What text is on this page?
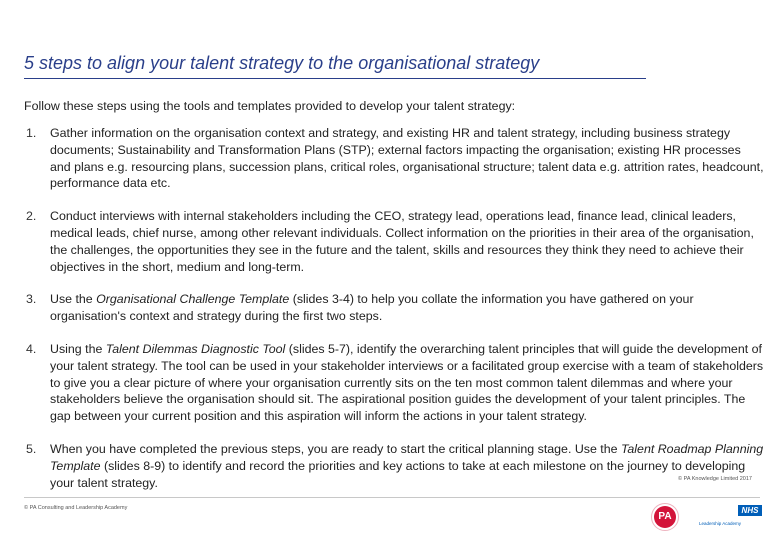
5 steps to align your talent strategy to the organisational strategy
Follow these steps using the tools and templates provided to develop your talent strategy:
1. Gather information on the organisation context and strategy, and existing HR and talent strategy, including business strategy documents; Sustainability and Transformation Plans (STP); external factors impacting the organisation; existing HR processes and plans e.g. resourcing plans, succession plans, critical roles, organisational structure; talent data e.g. attrition rates, headcount, performance data etc.
2. Conduct interviews with internal stakeholders including the CEO, strategy lead, operations lead, finance lead, clinical leaders, medical leads, chief nurse, among other relevant individuals. Collect information on the priorities in their area of the organisation, the challenges, the opportunities they see in the future and the talent, skills and resources they think they need to achieve their objectives in the short, medium and long-term.
3. Use the Organisational Challenge Template (slides 3-4) to help you collate the information you have gathered on your organisation's context and strategy during the first two steps.
4. Using the Talent Dilemmas Diagnostic Tool (slides 5-7), identify the overarching talent principles that will guide the development of your talent strategy. The tool can be used in your stakeholder interviews or a facilitated group exercise with a team of stakeholders to give you a clear picture of where your organisation currently sits on the ten most common talent dilemmas and where your stakeholders believe the organisation should sit. The aspirational position guides the development of your talent principles. The gap between your current position and this aspiration will inform the actions in your talent strategy.
5. When you have completed the previous steps, you are ready to start the critical planning stage. Use the Talent Roadmap Planning Template (slides 8-9) to identify and record the priorities and key actions to take at each milestone on the journey to developing your talent strategy.	© PA Knowledge Limited 2017
© PA Consulting and Leadership Academy
PA
NHS
Leadership Academy
